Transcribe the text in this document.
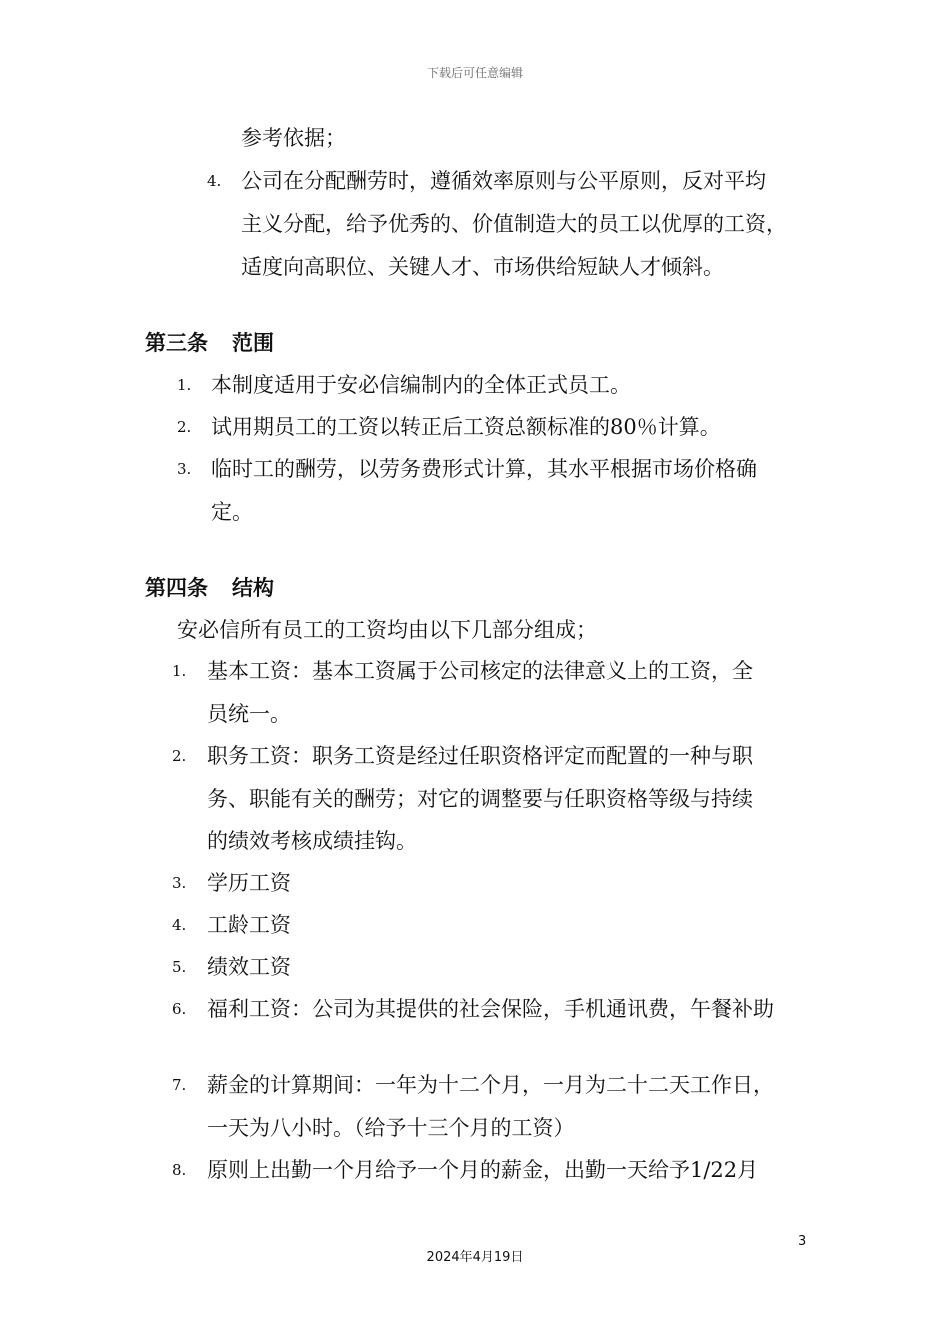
下载后可任意编辑
参考依据；
4. 公司在分配酬劳时，遵循效率原则与公平原则，反对平均
主义分配，给予优秀的、价值制造大的员工以优厚的工资，
适度向高职位、关键人才、市场供给短缺人才倾斜。
第三条 范围
1. 本制度适用于安必信编制内的全体正式员工。
2. 试用期员工的工资以转正后工资总额标准的80％计算。
3. 临时工的酬劳，以劳务费形式计算，其水平根据市场价格确
定。
第四条 结构
安必信所有员工的工资均由以下几部分组成；
1. 基本工资：基本工资属于公司核定的法律意义上的工资，全
员统一。
2. 职务工资：职务工资是经过任职资格评定而配置的一种与职
务、职能有关的酬劳；对它的调整要与任职资格等级与持续
的绩效考核成绩挂钩。
3. 学历工资
4. 工龄工资
5. 绩效工资
6. 福利工资：公司为其提供的社会保险，手机通讯费，午餐补助
7. 薪金的计算期间：一年为十二个月，一月为二十二天工作日，
一天为八小时。（给予十三个月的工资）
8. 原则上出勤一个月给予一个月的薪金，出勤一天给予1/22月
3
2024年4月19日
